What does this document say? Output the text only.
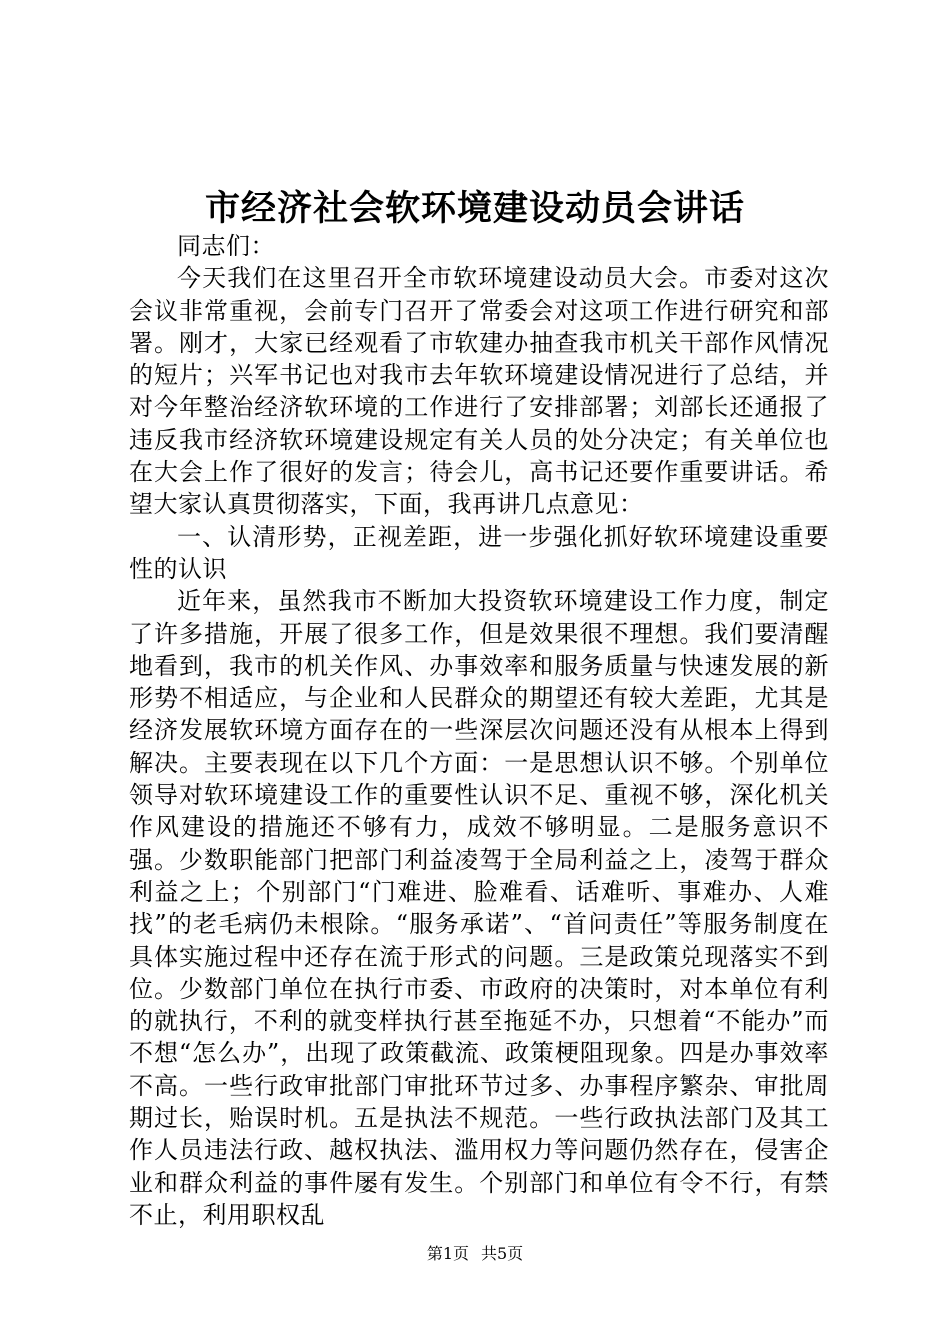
市经济社会软环境建设动员会讲话

同志们：

今天我们在这里召开全市软环境建设动员大会。市委对这次会议非常重视，会前专门召开了常委会对这项工作进行研究和部署。刚才，大家已经观看了市软建办抽查我市机关干部作风情况的短片；兴军书记也对我市去年软环境建设情况进行了总结，并对今年整治经济软环境的工作进行了安排部署；刘部长还通报了违反我市经济软环境建设规定有关人员的处分决定；有关单位也在大会上作了很好的发言；待会儿，高书记还要作重要讲话。希望大家认真贯彻落实，下面，我再讲几点意见：

一、认清形势，正视差距，进一步强化抓好软环境建设重要性的认识

近年来，虽然我市不断加大投资软环境建设工作力度，制定了许多措施，开展了很多工作，但是效果很不理想。我们要清醒地看到，我市的机关作风、办事效率和服务质量与快速发展的新形势不相适应，与企业和人民群众的期望还有较大差距，尤其是经济发展软环境方面存在的一些深层次问题还没有从根本上得到解决。主要表现在以下几个方面：一是思想认识不够。个别单位领导对软环境建设工作的重要性认识不足、重视不够，深化机关作风建设的措施还不够有力，成效不够明显。二是服务意识不强。少数职能部门把部门利益凌驾于全局利益之上，凌驾于群众利益之上；个别部门“门难进、脸难看、话难听、事难办、人难找”的老毛病仍未根除。“服务承诺”、“首问责任”等服务制度在具体实施过程中还存在流于形式的问题。三是政策兑现落实不到位。少数部门单位在执行市委、市政府的决策时，对本单位有利的就执行，不利的就变样执行甚至拖延不办，只想着“不能办”而不想“怎么办”，出现了政策截流、政策梗阻现象。四是办事效率不高。一些行政审批部门审批环节过多、办事程序繁杂、审批周期过长，贻误时机。五是执法不规范。一些行政执法部门及其工作人员违法行政、越权执法、滥用权力等问题仍然存在，侵害企业和群众利益的事件屡有发生。个别部门和单位有令不行，有禁不止，利用职权乱

第1页 共5页
